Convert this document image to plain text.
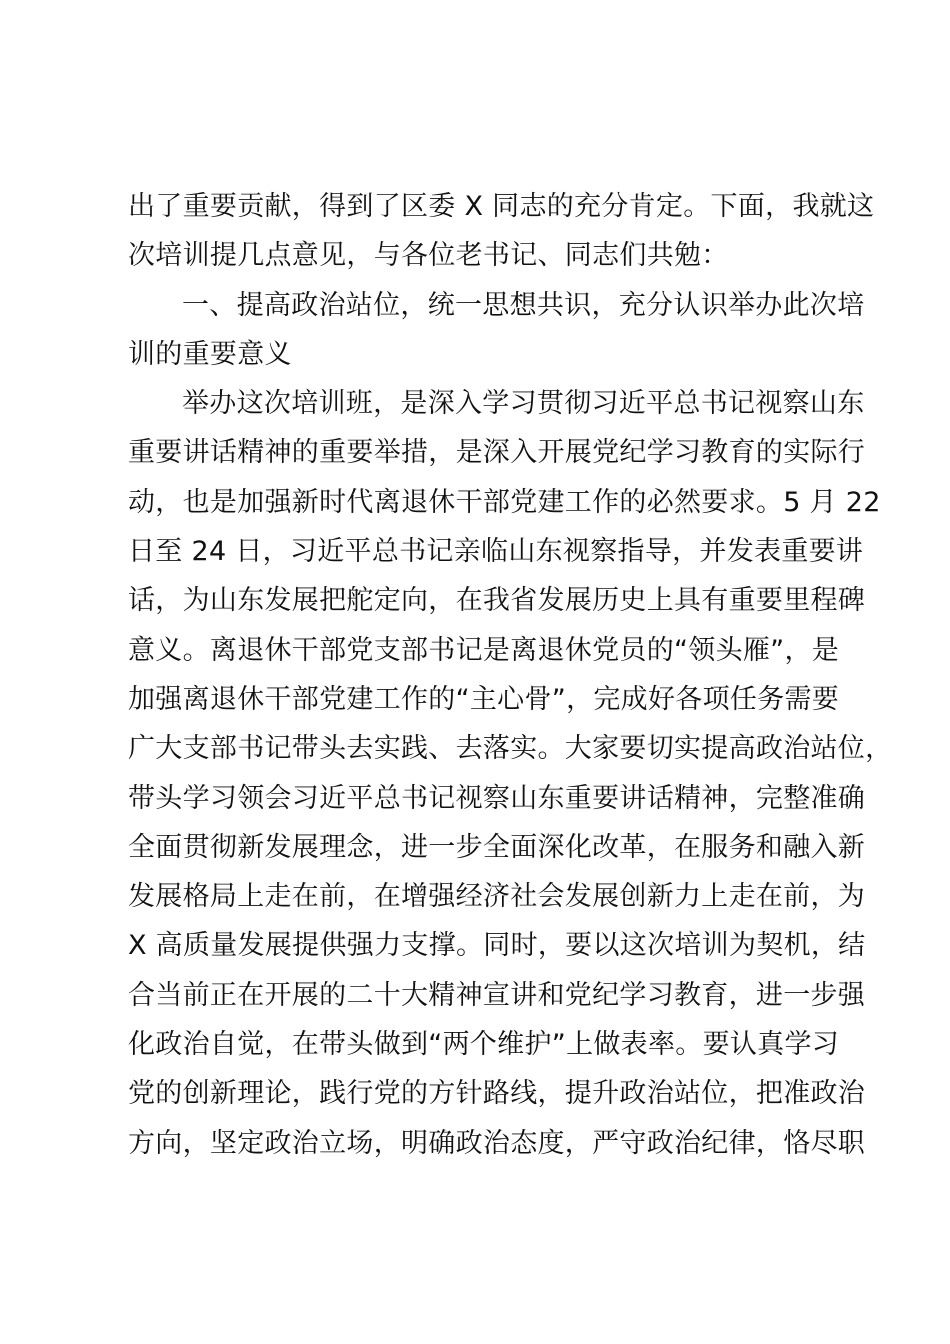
出了重要贡献，得到了区委 X 同志的充分肯定。下面，我就这
次培训提几点意见，与各位老书记、同志们共勉：
一、提高政治站位，统一思想共识，充分认识举办此次培
训的重要意义
举办这次培训班，是深入学习贯彻习近平总书记视察山东
重要讲话精神的重要举措，是深入开展党纪学习教育的实际行
动，也是加强新时代离退休干部党建工作的必然要求。5 月 22
日至 24 日，习近平总书记亲临山东视察指导，并发表重要讲
话，为山东发展把舵定向，在我省发展历史上具有重要里程碑
意义。离退休干部党支部书记是离退休党员的“领头雁”，是
加强离退休干部党建工作的“主心骨”，完成好各项任务需要
广大支部书记带头去实践、去落实。大家要切实提高政治站位，
带头学习领会习近平总书记视察山东重要讲话精神，完整准确
全面贯彻新发展理念，进一步全面深化改革，在服务和融入新
发展格局上走在前，在增强经济社会发展创新力上走在前，为
X 高质量发展提供强力支撑。同时，要以这次培训为契机，结
合当前正在开展的二十大精神宣讲和党纪学习教育，进一步强
化政治自觉，在带头做到“两个维护”上做表率。要认真学习
党的创新理论，践行党的方针路线，提升政治站位，把准政治
方向，坚定政治立场，明确政治态度，严守政治纪律，恪尽职
